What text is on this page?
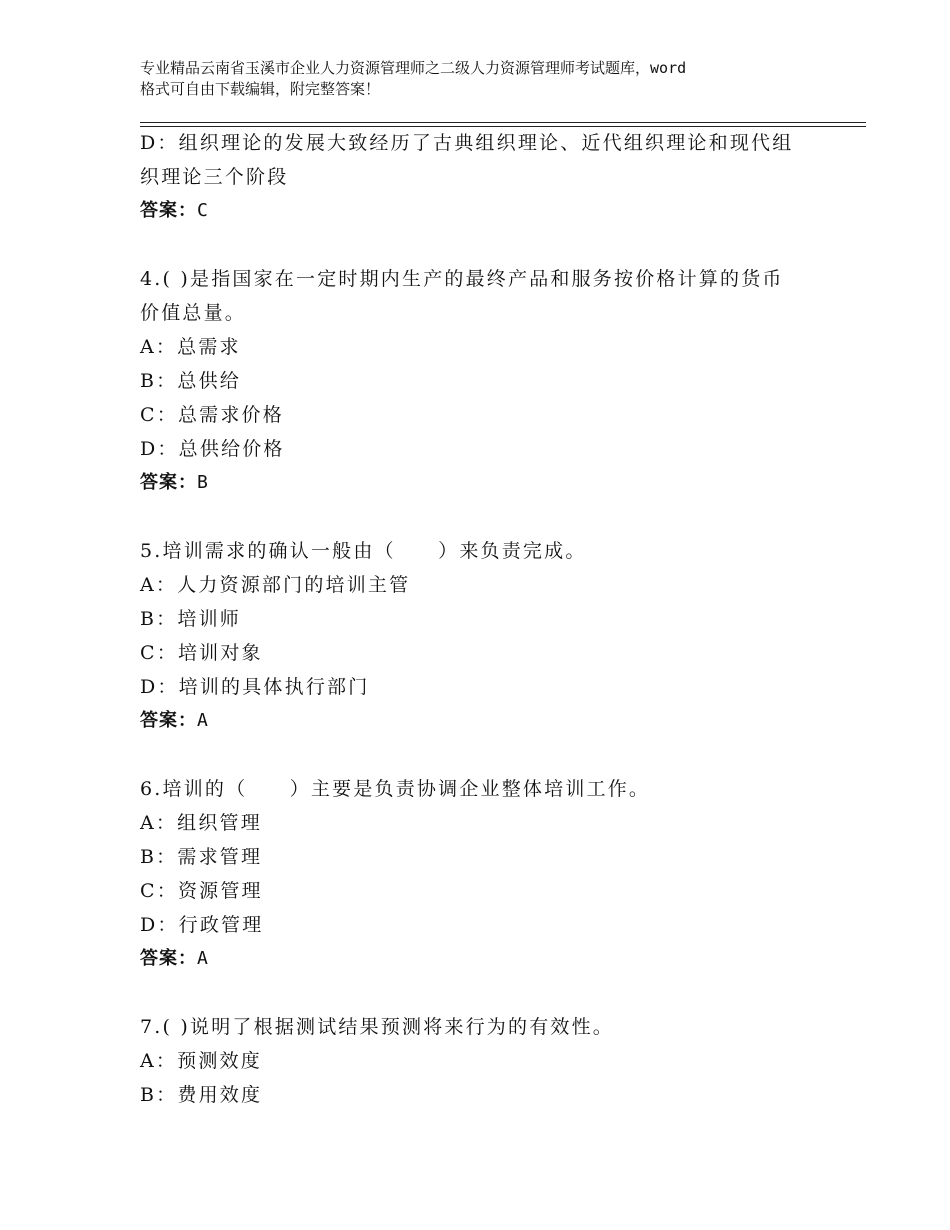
专业精品云南省玉溪市企业人力资源管理师之二级人力资源管理师考试题库，word
格式可自由下载编辑，附完整答案！
D：组织理论的发展大致经历了古典组织理论、近代组织理论和现代组
织理论三个阶段
答案：C
4.( )是指国家在一定时期内生产的最终产品和服务按价格计算的货币
价值总量。
A：总需求
B：总供给
C：总需求价格
D：总供给价格
答案：B
5.培训需求的确认一般由（　　）来负责完成。
A：人力资源部门的培训主管
B：培训师
C：培训对象
D：培训的具体执行部门
答案：A
6.培训的（　　）主要是负责协调企业整体培训工作。
A：组织管理
B：需求管理
C：资源管理
D：行政管理
答案：A
7.( )说明了根据测试结果预测将来行为的有效性。
A：预测效度
B：费用效度
